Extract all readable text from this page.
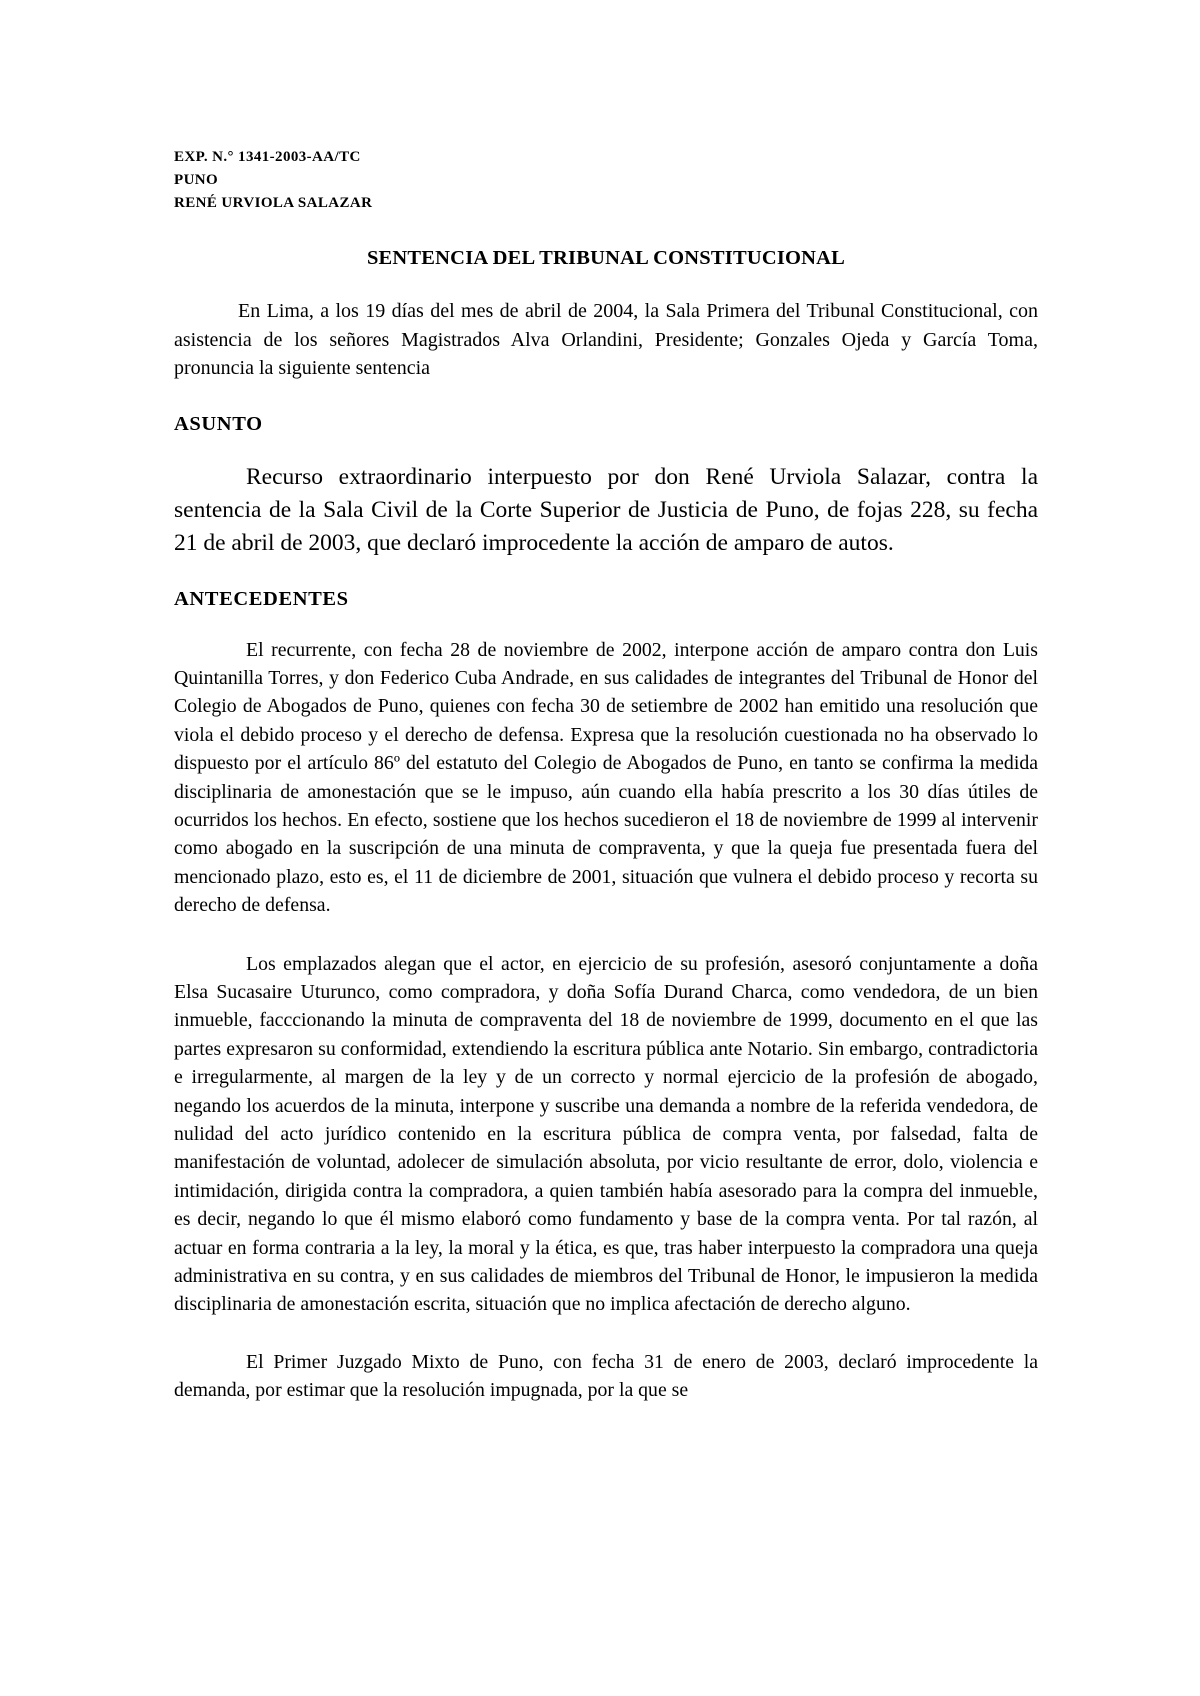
EXP. N.° 1341-2003-AA/TC
PUNO
RENÉ URVIOLA SALAZAR
SENTENCIA DEL TRIBUNAL CONSTITUCIONAL

En Lima, a los 19 días del mes de abril de 2004, la Sala Primera del Tribunal Constitucional, con asistencia de los señores Magistrados Alva Orlandini, Presidente; Gonzales Ojeda y García Toma, pronuncia la siguiente sentencia

ASUNTO

Recurso extraordinario interpuesto por don René Urviola Salazar, contra la sentencia de la Sala Civil de la Corte Superior de Justicia de Puno, de fojas 228, su fecha 21 de abril de 2003, que declaró improcedente la acción de amparo de autos.

ANTECEDENTES

El recurrente, con fecha 28 de noviembre de 2002, interpone acción de amparo contra don Luis Quintanilla Torres, y don Federico Cuba Andrade, en sus calidades de integrantes del Tribunal de Honor del Colegio de Abogados de Puno, quienes con fecha 30 de setiembre de 2002 han emitido una resolución que viola el debido proceso y el derecho de defensa. Expresa que la resolución cuestionada no ha observado lo dispuesto por el artículo 86º del estatuto del Colegio de Abogados de Puno, en tanto se confirma la medida disciplinaria de amonestación que se le impuso, aún cuando ella había prescrito a los 30 días útiles de ocurridos los hechos. En efecto, sostiene que los hechos sucedieron el 18 de noviembre de 1999 al intervenir como abogado en la suscripción de una minuta de compraventa, y que la queja fue presentada fuera del mencionado plazo, esto es, el 11 de diciembre de 2001, situación que vulnera el debido proceso y recorta su derecho de defensa.

Los emplazados alegan que el actor, en ejercicio de su profesión, asesoró conjuntamente a doña Elsa Sucasaire Uturunco, como compradora, y doña Sofía Durand Charca, como vendedora, de un bien inmueble, facccionando la minuta de compraventa del 18 de noviembre de 1999, documento en el que las partes expresaron su conformidad, extendiendo la escritura pública ante Notario. Sin embargo, contradictoria e irregularmente, al margen de la ley y de un correcto y normal ejercicio de la profesión de abogado, negando los acuerdos de la minuta, interpone y suscribe una demanda a nombre de la referida vendedora, de nulidad del acto jurídico contenido en la escritura pública de compra venta, por falsedad, falta de manifestación de voluntad, adolecer de simulación absoluta, por vicio resultante de error, dolo, violencia e intimidación, dirigida contra la compradora, a quien también había asesorado para la compra del inmueble, es decir, negando lo que él mismo elaboró como fundamento y base de la compra venta. Por tal razón, al actuar en forma contraria a la ley, la moral y la ética, es que, tras haber interpuesto la compradora una queja administrativa en su contra, y en sus calidades de miembros del Tribunal de Honor, le impusieron la medida disciplinaria de amonestación escrita, situación que no implica afectación de derecho alguno.

El Primer Juzgado Mixto de Puno, con fecha 31 de enero de 2003, declaró improcedente la demanda, por estimar que la resolución impugnada, por la que se
